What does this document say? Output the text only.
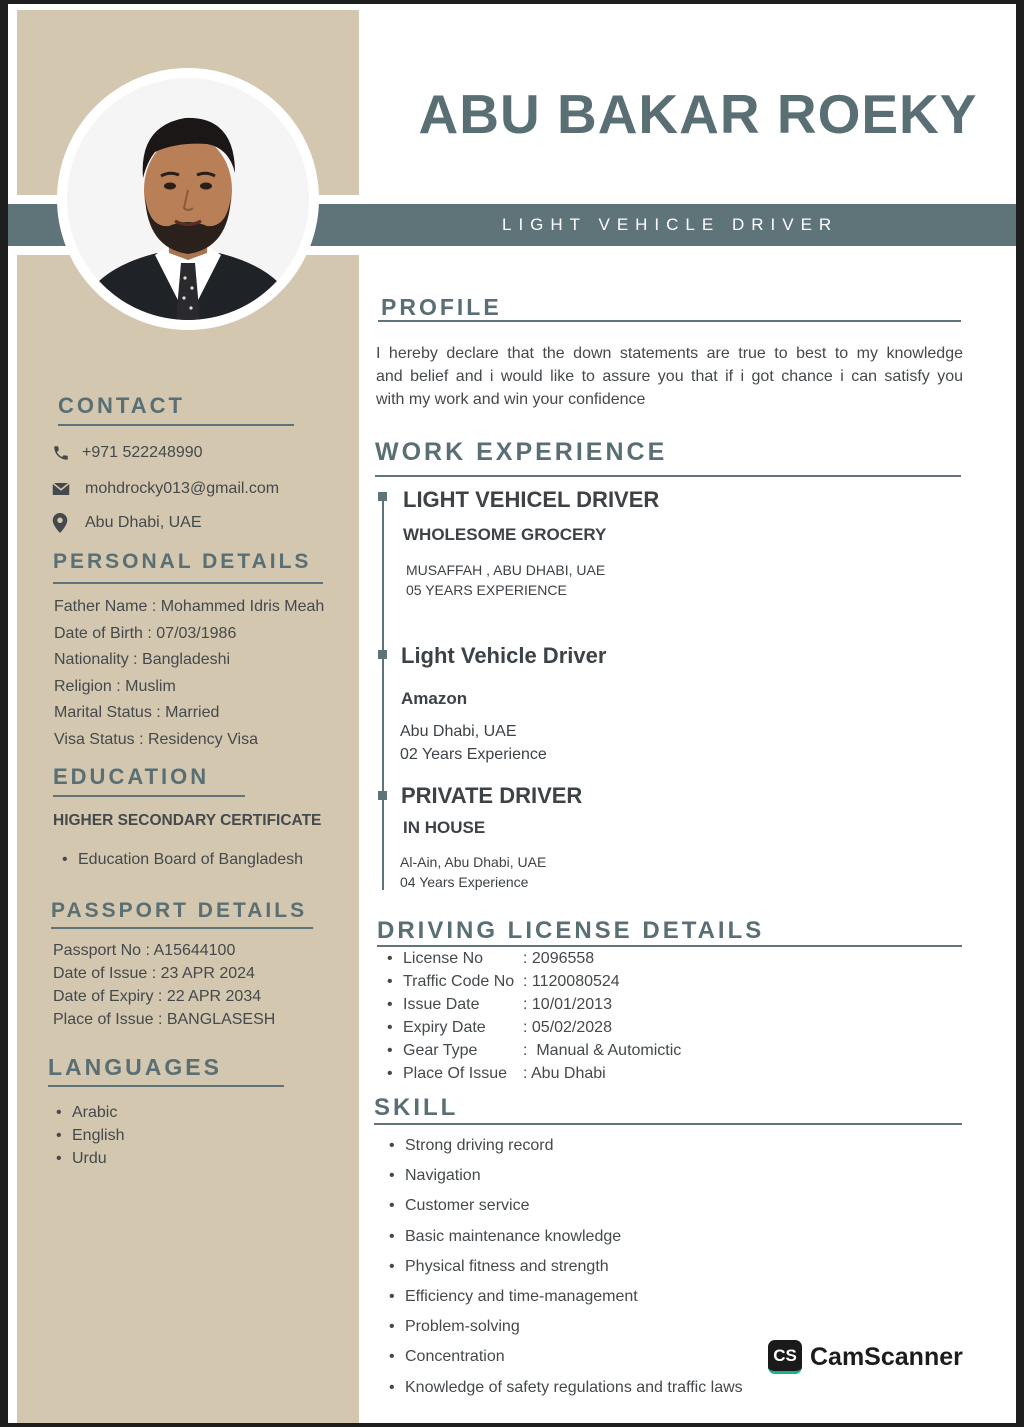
LIGHT VEHICLE DRIVER
ABU BAKAR ROEKY
CONTACT
+971 522248990
mohdrocky013@gmail.com
Abu Dhabi, UAE
PERSONAL DETAILS
Father Name : Mohammed Idris Meah
Date of Birth : 07/03/1986
Nationality : Bangladeshi
Religion : Muslim
Marital Status : Married
Visa Status : Residency Visa
EDUCATION
HIGHER SECONDARY CERTIFICATE
• Education Board of Bangladesh
PASSPORT DETAILS
Passport No : A15644100
Date of Issue : 23 APR 2024
Date of Expiry : 22 APR 2034
Place of Issue : BANGLASESH
LANGUAGES
• Arabic
• English
• Urdu
PROFILE
I hereby declare that the down statements are true to best to my knowledge
and belief and i would like to assure you that if i got chance i can satisfy you
with my work and win your confidence
WORK EXPERIENCE
LIGHT VEHICEL DRIVER
WHOLESOME GROCERY
MUSAFFAH , ABU DHABI, UAE
05 YEARS EXPERIENCE
Light Vehicle Driver
Amazon
Abu Dhabi, UAE
02 Years Experience
PRIVATE DRIVER
IN HOUSE
Al-Ain, Abu Dhabi, UAE
04 Years Experience
DRIVING LICENSE DETAILS
• License No	: 2096558
• Traffic Code No : 1120080524
• Issue Date	: 10/01/2013
• Expiry Date	: 05/02/2028
• Gear Type	:  Manual & Automictic
• Place Of Issue : Abu Dhabi
SKILL
• Strong driving record
• Navigation
• Customer service
• Basic maintenance knowledge
• Physical fitness and strength
• Efficiency and time-management
• Problem-solving
• Concentration
• Knowledge of safety regulations and traffic laws
CS CamScanner
